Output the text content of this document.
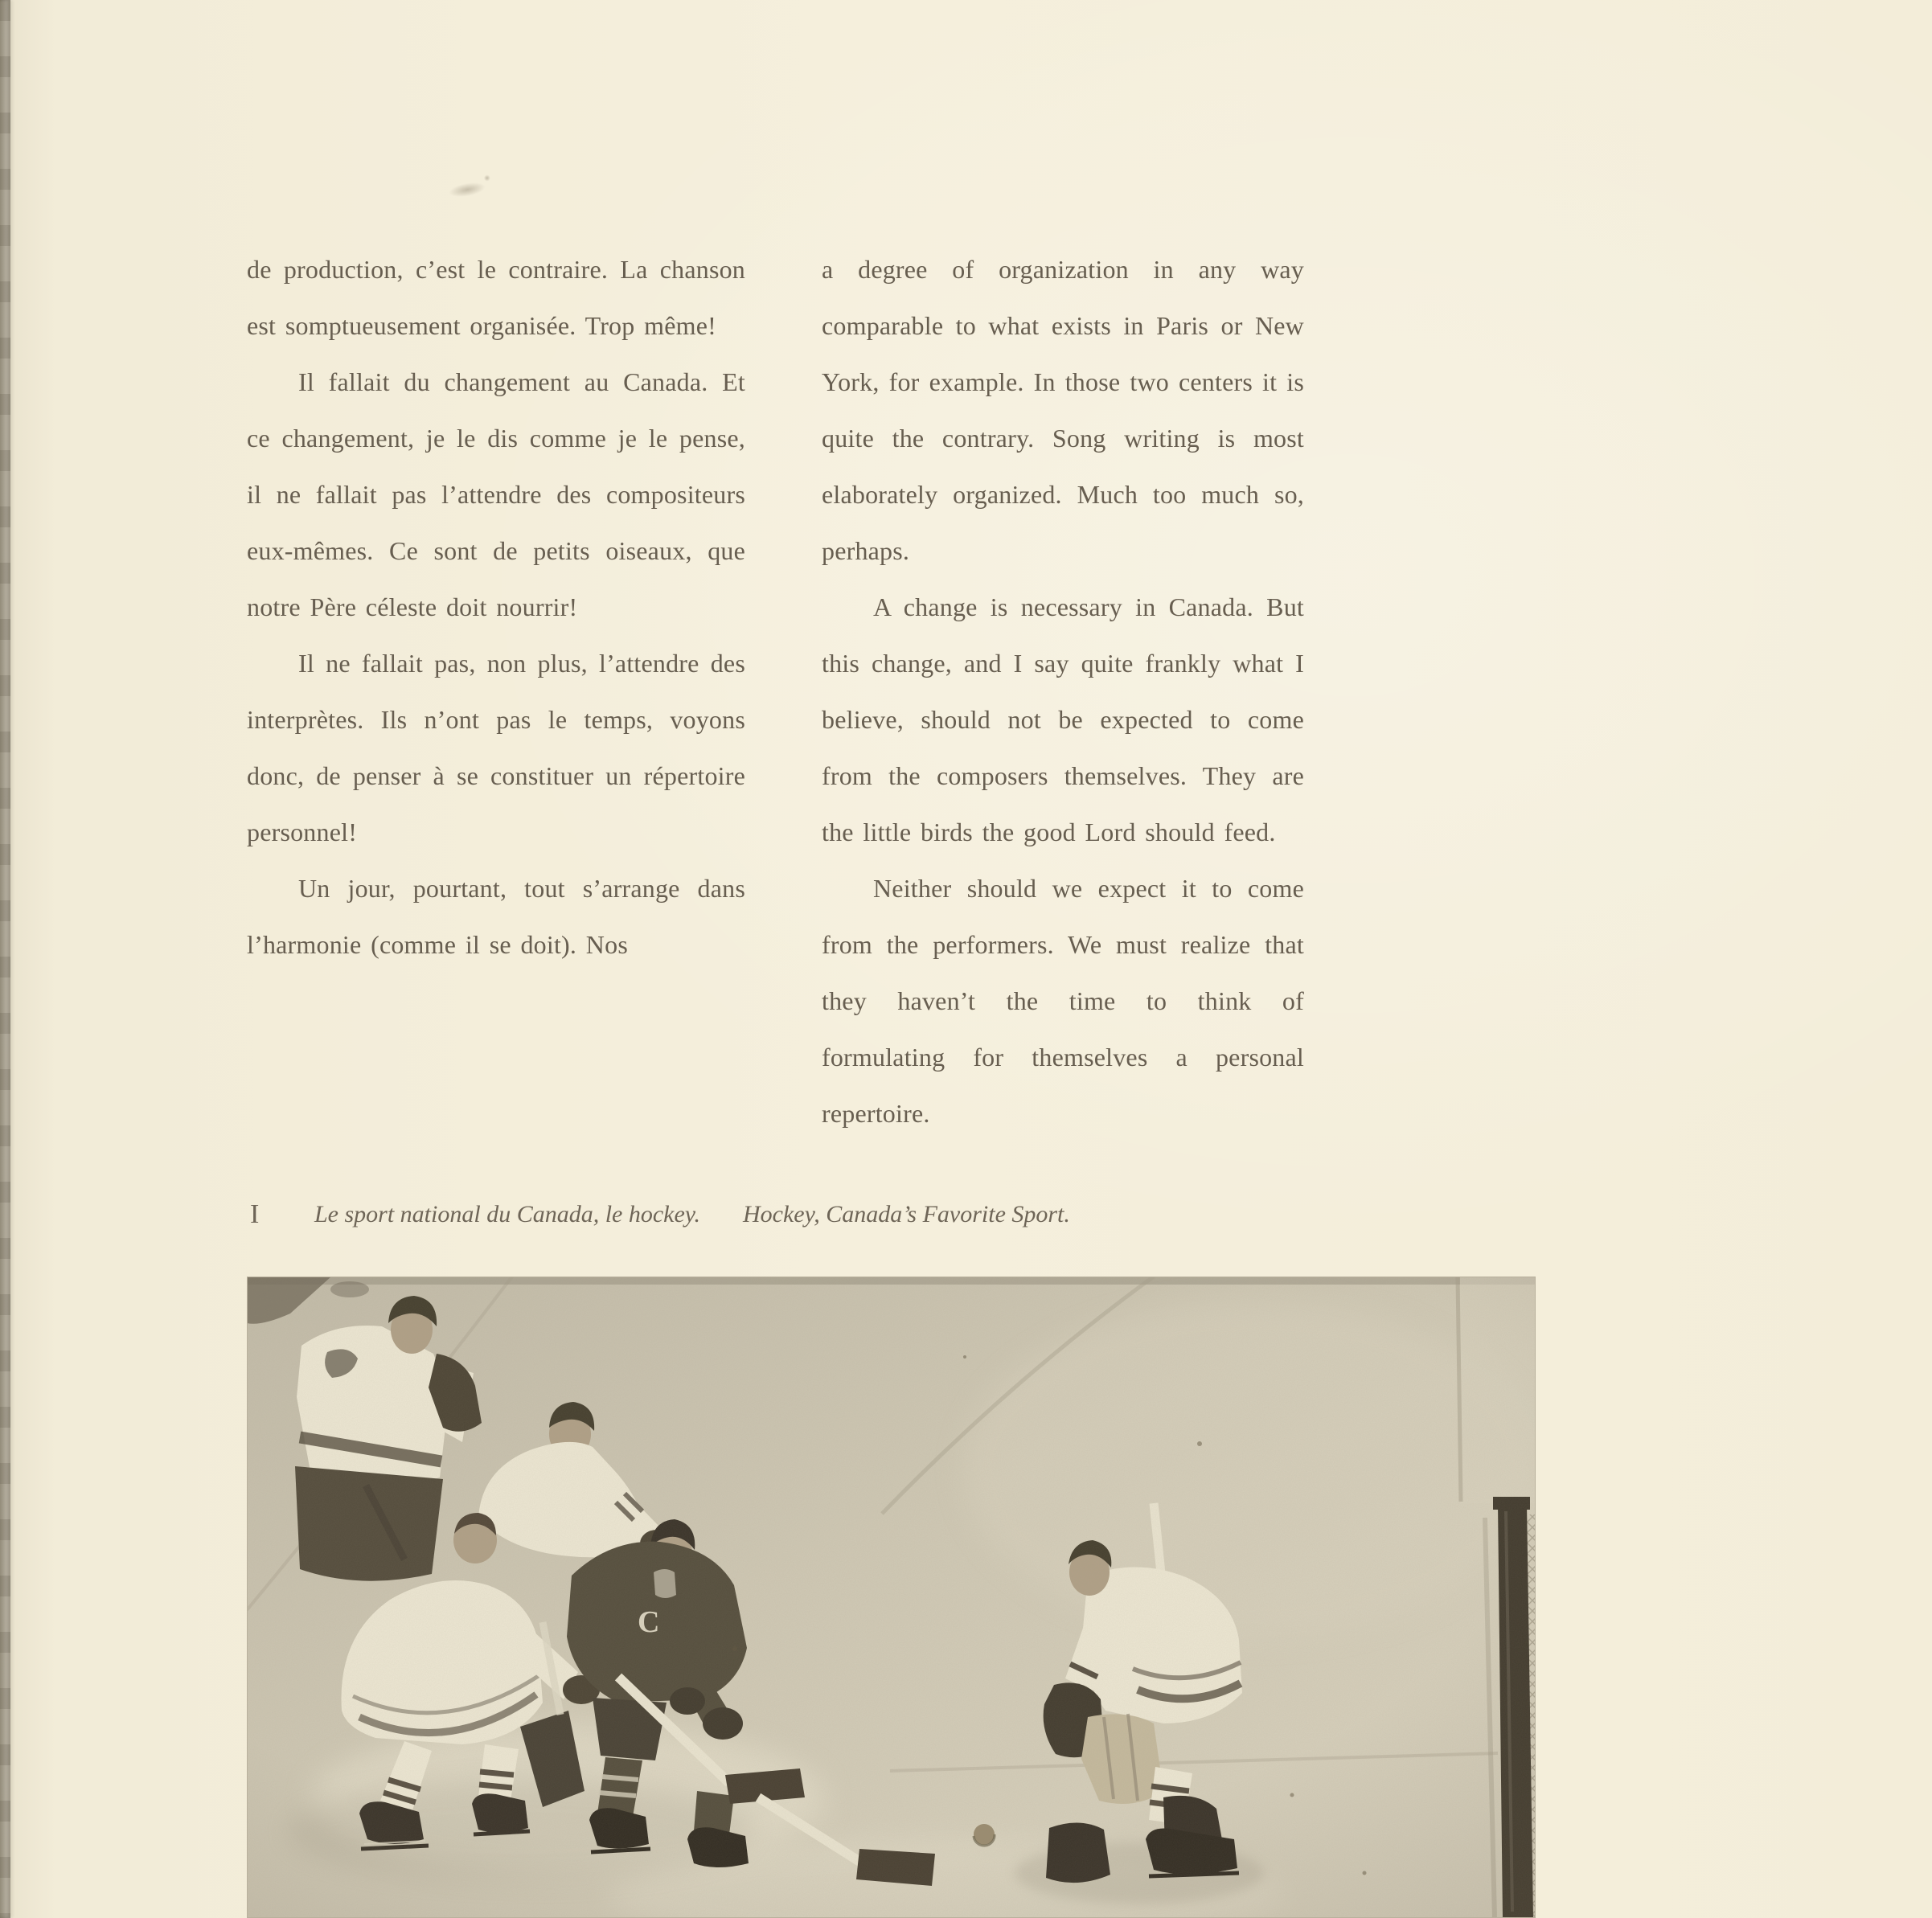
de production, c’est le contraire. La chanson est somptueusement organisée. Trop même!

Il fallait du changement au Canada. Et ce changement, je le dis comme je le pense, il ne fallait pas l’attendre des compositeurs eux-mêmes. Ce sont de petits oiseaux, que notre Père céleste doit nourrir!

Il ne fallait pas, non plus, l’attendre des interprètes. Ils n’ont pas le temps, voyons donc, de penser à se constituer un répertoire personnel!

Un jour, pourtant, tout s’arrange dans l’harmonie (comme il se doit). Nos

a degree of organization in any way comparable to what exists in Paris or New York, for example. In those two centers it is quite the contrary. Song writing is most elaborately organized. Much too much so, perhaps.

A change is necessary in Canada. But this change, and I say quite frankly what I believe, should not be expected to come from the composers themselves. They are the little birds the good Lord should feed.

Neither should we expect it to come from the performers. We must realize that they haven’t the time to think of formulating for themselves a personal repertoire.

I Le sport national du Canada, le hockey. Hockey, Canada’s Favorite Sport.
